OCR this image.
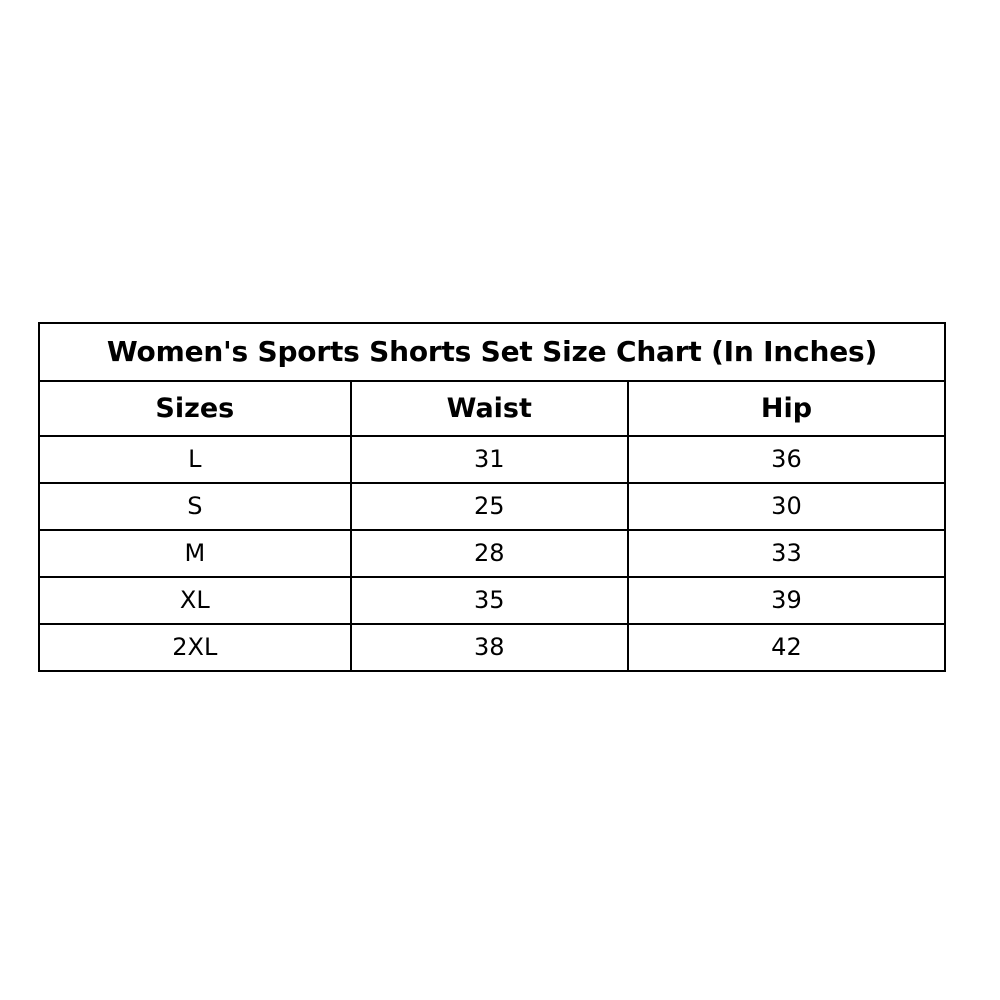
Women's Sports Shorts Set Size Chart (In Inches)		
Sizes	Waist	Hip
L	31	36
S	25	30
M	28	33
XL	35	39
2XL	38	42
